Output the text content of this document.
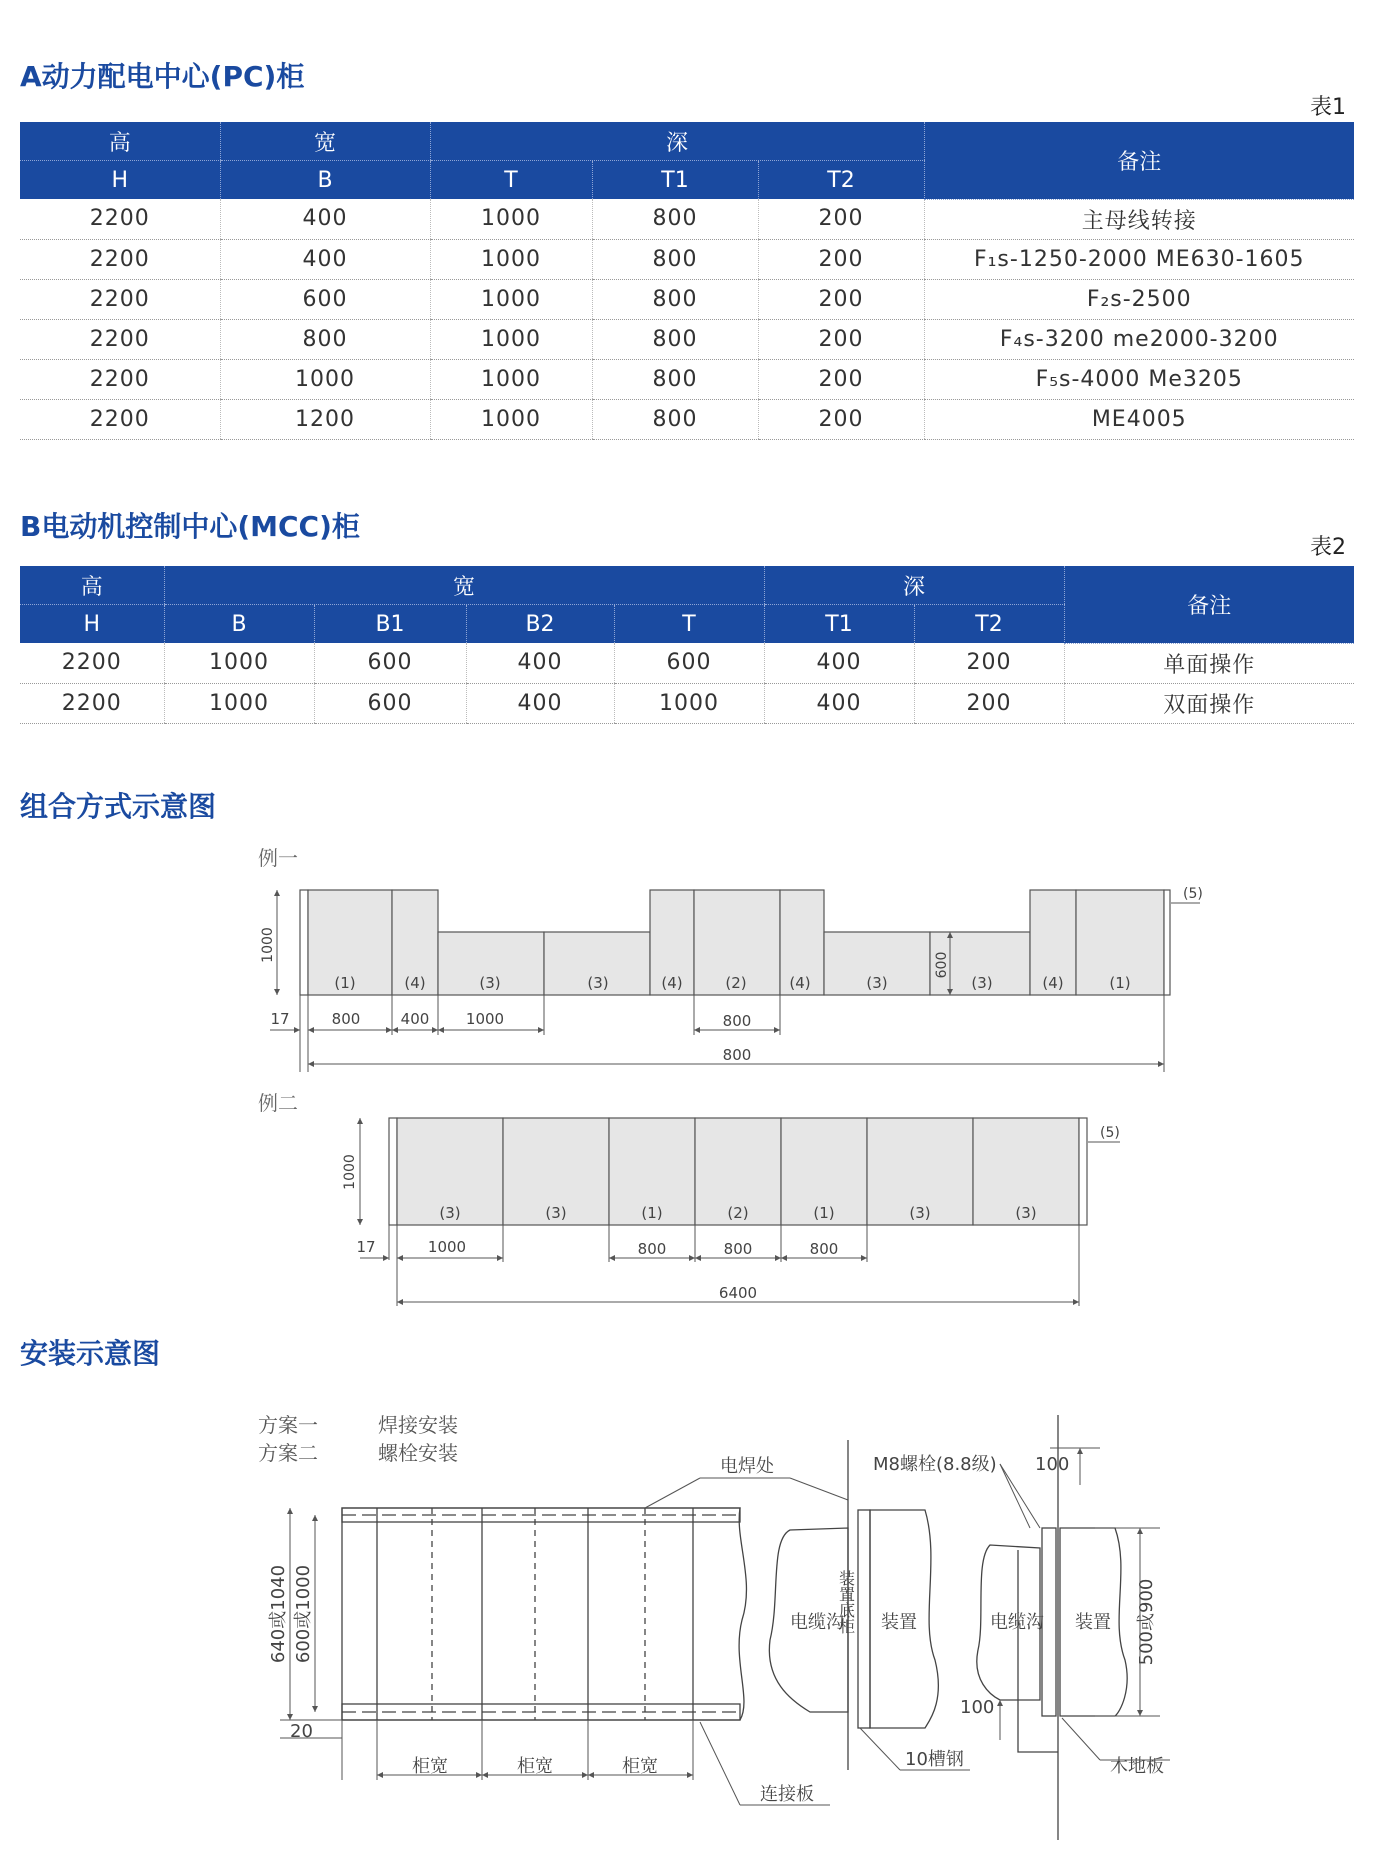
A动力配电中心(PC)柜
表1
高	宽	深			备注
H	B	T	T1	T2	
2200	400	1000	800	200	主母线转接
2200	400	1000	800	200	F₁s-1250-2000 ME630-1605
2200	600	1000	800	200	F₂s-2500
2200	800	1000	800	200	F₄s-3200 me2000-3200
2200	1000	1000	800	200	F₅s-4000 Me3205
2200	1200	1000	800	200	ME4005
B电动机控制中心(MCC)柜
表2
高	宽				深		备注
H	B	B1	B2	T	T1	T2	
2200	1000	600	400	600	400	200	单面操作
2200	1000	600	400	1000	400	200	双面操作
组合方式示意图
例一
(1)	(4)	(3)	(3)	(4)	(2)	(4)	(3)	(3)	(4)	(1)
(5)
1000
600
17	800	400 1000	800
800
例二
(3)	(3)	(1)	(2)	(1)	(3)	(3)
(5)
1000
17	1000	800	800	800
6400
方案一	焊接安装
方案二	螺栓安装
640或1040 600或1000
20
柜宽	柜宽	柜宽
连接板
电焊处
电缆沟 装置
装置底柜
10槽钢
电缆沟 装置
M8螺栓(8.8级) 100
100
500或900
木地板
安装示意图
